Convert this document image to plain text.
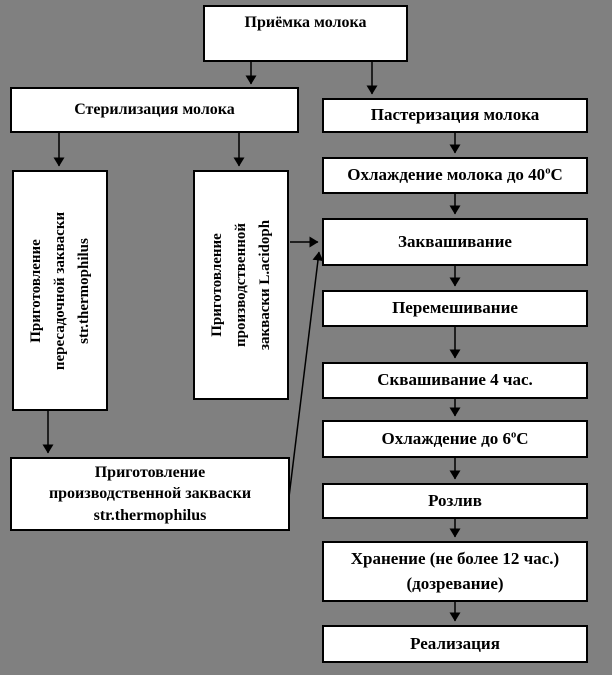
Приёмка молока
Стерилизация молока
Приготовление пересадочной закваски str.thermophilus	Приготовление производственной закваски L.acidoph
Приготовление
производственной закваски
str.thermophilus
Пастеризация молока
Охлаждение молока до $40^оС$
Заквашивание
Перемешивание
Сквашивание 4 час.
Охлаждение до $6^оС$
Розлив
Хранение (не более 12 час.)
(дозревание)
Реализация
